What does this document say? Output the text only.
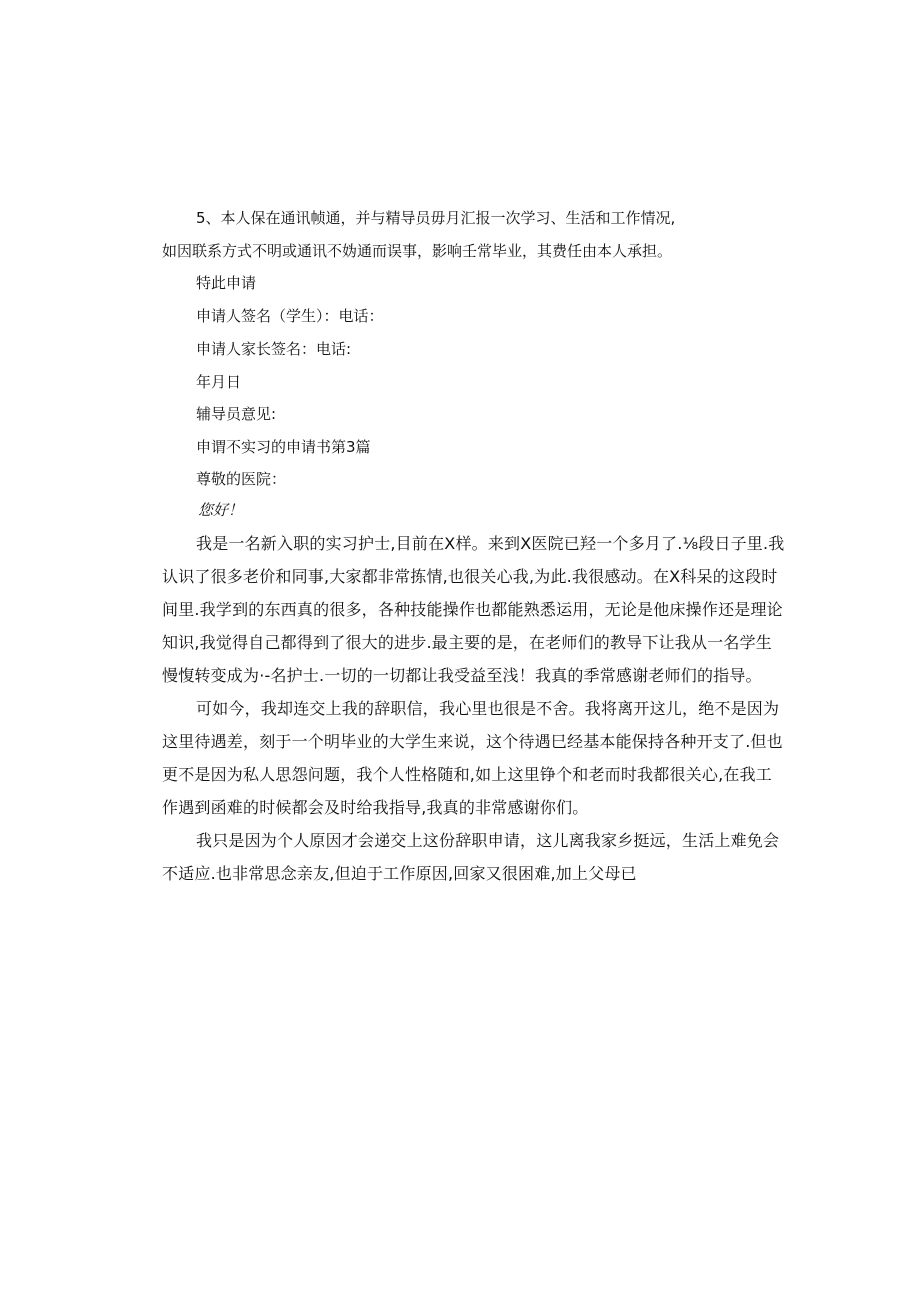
5、本人保在通讯帧通，并与精导员毋月汇报一次学习、生活和工作情况,
如因联系方式不明或通讯不妫通而误事，影响壬常毕业，其费任由本人承担。
特此申请
申请人签名（学生）：电话：
申请人家长签名：电话:
年月日
辅导员意见:
申谓不实习的申请书第3篇
尊敬的医院：
您好！
我是一名新入职的实习护士,目前在X样。来到X医院已羟一个多月了.⅛段日子里.我
认识了很多老价和同事,大家都非常拣情,也很关心我,为此.我很感动。在X科呆的这段时
间里.我学到的东西真的很多，各种技能操作也都能熟悉运用，无论是他床操作还是理论
知识,我觉得自己都得到了很大的进步.最主要的是，在老师们的教导下让我从一名学生
慢愎转变成为·-名护士.一切的一切都让我受益至浅！我真的季常感谢老师们的指导。
可如今，我却连交上我的辞职信，我心里也很是不舍。我将离开这儿，绝不是因为
这里待遇差，刻于一个明毕业的大学生来说，这个待遇巳经基本能保持各种开支了.但也
更不是因为私人思怨问题，我个人性格随和,如上这里铮个和老而时我都很关心,在我工
作遇到函难的时候都会及时给我指导,我真的非常感谢你们。
我只是因为个人原因才会递交上这份辞职申请，这儿离我家乡挺远，生活上难免会
不适应.也非常思念亲友,但迫于工作原因,回家又很困难,加上父母已
